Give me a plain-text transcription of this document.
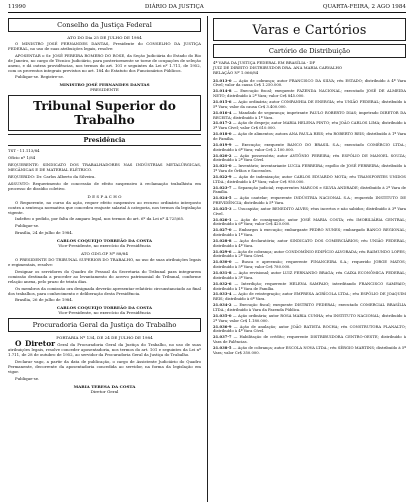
11990	DIÁRIO DA JUSTIÇA	QUARTA-FEIRA, 2 AGO 1984
Conselho da Justiça Federal
ATO DO Dia 25 DE JULHO DE 1984
O MINISTRO JOSÉ FERNANDES DANTAS, Presidente do CONSELHO DA JUSTIÇA FEDERAL, no uso de suas atribuições legais, resolve:
APOSENTAR o Sr. JOSÉ PEREIRA ROMERO DO ROSE, da Seção Judiciária do Estado do Rio de Janeiro, no cargo de Técnico Judiciário, para posteriormente se torne de ocupações de seleção anexo, e dá outras providências, nos termos do art. 101 e seguintes da Lei nº 1.711, de 1952, com os proventos integrais previstos no art. 184 do Estatuto dos Funcionários Públicos.
Publique-se. Registre-se.
MINISTRO JOSÉ FERNANDES DANTAS
PRESIDENTE
Tribunal Superior do Trabalho
Presidência
TST - 11.113/84
Ofício nº 1/84
REQUERENTE: SINDICATO DOS TRABALHADORES NAS INDÚSTRIAS METALÚRGICAS, MECÂNICAS E DE MATERIAL ELÉTRICO.
REQUERIDO: Dr. Carlos Alberto da Silveira.
ASSUNTO: Requerimento de concessão de efeito suspensivo à reclamação trabalhista em processo de dissídio coletivo.
D E S P A C H O
O Requerente, no curso da ação, requer efeito suspensivo ao recurso ordinário interposto contra a sentença normativa que concedeu reajuste salarial à categoria, nos termos da legislação vigente.
Indefiro o pedido, por falta de amparo legal, nos termos do art. 6º da Lei nº 4.725/65.
Publique-se.
Brasília, 24 de julho de 1984.
CARLOS COQUEIJO TORREÃO DA COSTA
Vice-Presidente, no exercício da Presidência
ATO GDG.GP Nº 88/84
O PRESIDENTE DO TRIBUNAL SUPERIOR DO TRABALHO, no uso de suas atribuições legais e regimentais, resolve:
Designar os servidores do Quadro de Pessoal da Secretaria do Tribunal para integrarem comissão destinada a proceder ao levantamento do acervo patrimonial do Tribunal, conforme relação anexa, pelo prazo de trinta dias.
Os membros da comissão ora designada deverão apresentar relatório circunstanciado ao final dos trabalhos, para conhecimento e deliberação desta Presidência.
Brasília, 26 de julho de 1984.
CARLOS COQUEIJO TORREÃO DA COSTA
Vice-Presidente, no exercício da Presidência
Procuradoria Geral da Justiça do Trabalho
PORTARIA Nº 134, DE 24 DE JULHO DE 1984
O Diretor Geral da Procuradoria Geral da Justiça do Trabalho, no uso de suas atribuições legais, resolve conceder aposentadoria, nos termos do art. 101 e seguintes da Lei nº 1.711, de 28 de outubro de 1952, ao servidor da Procuradoria Geral da Justiça do Trabalho.
Declarar vago, a partir da data de publicação, o cargo de Assistente Judiciário do Quadro Permanente, decorrente da aposentadoria concedida ao servidor, na forma da legislação em vigor.
Publique-se.
MARIA TERESA DA COSTA
Diretor Geral
Varas e Cartórios
Cartório de Distribuição
4ª VARA DA JUSTIÇA FEDERAL EM BRASÍLIA - DF
JUIZ DE DIREITO DISTRIBUIDOR DRA. ANA MARIA CARVALHO
RELAÇÃO Nº 1.066/84
21.013-0 — Ação de cobrança; autor FRANCISCO DA SILVA; réu ESTADO; distribuído à 4ª Vara Cível; valor da causa Cr$ 1.250.000.
21.014-8 — Execução fiscal; exequente FAZENDA NACIONAL; executado JOSÉ DE ALMEIDA NETO; distribuído à 2ª Vara; valor Cr$ 845.000.
21.015-6 — Ação ordinária; autor COMPANHIA DE ENERGIA; réu UNIÃO FEDERAL; distribuído à 5ª Vara; valor da causa Cr$ 3.400.000.
21.016-4 — Mandado de segurança; impetrante PAULO ROBERTO DIAS; impetrado DIRETOR DA RECEITA; distribuído à 1ª Vara.
21.017-2 — Ação de despejo; autor MARIA HELENA PINTO; réu JOÃO CARLOS LIMA; distribuído à 3ª Vara Cível; valor Cr$ 610.000.
21.018-0 — Ação de alimentos; autora ANA PAULA REIS; réu ROBERTO REIS; distribuído à 1ª Vara de Família.
21.019-9 — Execução; exequente BANCO DO BRASIL S.A.; executado COMÉRCIO LTDA.; distribuído à 6ª Vara; valor Cr$ 2.100.000.
21.020-2 — Ação possessória; autor ANTÔNIO PEREIRA; réu ESPÓLIO DE MANOEL SOUZA; distribuído à 2ª Vara Cível.
21.021-0 — Inventário; inventariante LUCIA FERREIRA; espólio de JOSÉ FERREIRA; distribuído à 1ª Vara de Órfãos e Sucessões.
21.022-9 — Ação de indenização; autor CARLOS EDUARDO MOTA; réu TRANSPORTES UNIDOS LTDA.; distribuído à 4ª Vara; valor Cr$ 950.000.
21.023-7 — Separação judicial; requerentes MARCOS e SILVIA ANDRADE; distribuído à 2ª Vara de Família.
21.024-5 — Ação cautelar; requerente INDÚSTRIA NACIONAL S.A.; requerido INSTITUTO DE PREVIDÊNCIA; distribuído à 5ª Vara.
21.025-3 — Usucapião; autor BENEDITO ALVES; réus incertos e não sabidos; distribuído à 3ª Vara Cível.
21.026-1 — Ação de consignação; autor JOSÉ MARIA COSTA; réu IMOBILIÁRIA CENTRAL; distribuído à 6ª Vara; valor Cr$ 420.000.
21.027-0 — Embargos à execução; embargante PEDRO NUNES; embargado BANCO REGIONAL; distribuído à 1ª Vara.
21.028-8 — Ação declaratória; autor SINDICATO DOS COMERCIÁRIOS; réu UNIÃO FEDERAL; distribuído à 4ª Vara.
21.029-6 — Ação de cobrança; autor CONDOMÍNIO EDIFÍCIO ALVORADA; réu RAIMUNDO LOPES; distribuído à 2ª Vara Cível.
21.030-0 — Busca e apreensão; requerente FINANCEIRA S.A.; requerido JORGE MATOS; distribuído à 5ª Vara; valor Cr$ 780.000.
21.031-8 — Ação revisional; autor LUIZ FERNANDO BRAGA; réu CAIXA ECONÔMICA FEDERAL; distribuído à 3ª Vara.
21.032-6 — Interdição; requerente HELENA SAMPAIO; interditando FRANCISCO SAMPAIO; distribuído à 1ª Vara de Família.
21.033-4 — Ação de reintegração; autor EMPRESA AGRÍCOLA LTDA.; réu ESPÓLIO DE JOAQUIM REIS; distribuído à 6ª Vara.
21.034-2 — Execução fiscal; exequente DISTRITO FEDERAL; executado COMERCIAL BRASÍLIA LTDA.; distribuído à Vara da Fazenda Pública.
21.035-0 — Ação ordinária; autor ROSA MARIA CUNHA; réu INSTITUTO NACIONAL; distribuído à 2ª Vara; valor Cr$ 1.180.000.
21.036-9 — Ação de anulação; autor JOÃO BATISTA ROCHA; réu CONSTRUTORA PLANALTO; distribuído à 4ª Vara Cível.
21.037-7 — Habilitação de crédito; requerente DISTRIBUIDORA CENTRO-OESTE; distribuído à Vara de Falências.
21.038-5 — Ação de cobrança; autor ESCOLA NOVA LTDA.; réu SÉRGIO MARTINS; distribuído à 5ª Vara; valor Cr$ 350.000.
